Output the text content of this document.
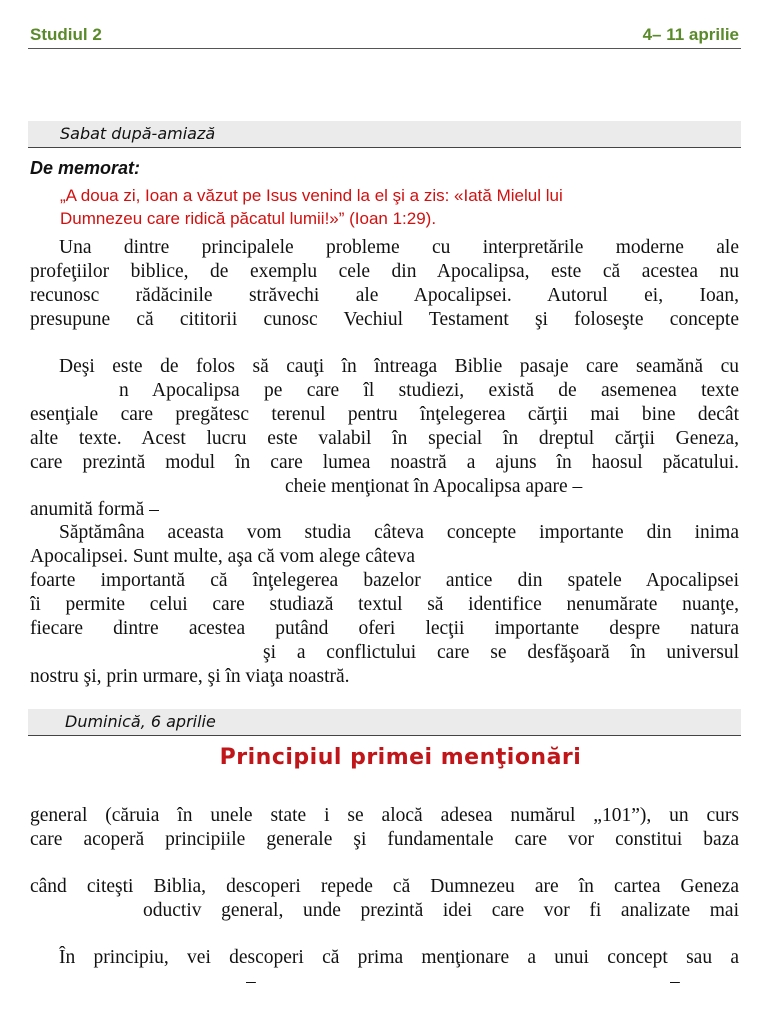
Studiul 2	4– 11 aprilie
Sabat după-amiază
De memorat:
„A doua zi, Ioan a văzut pe Isus venind la el şi a zis: «Iată Mielul lui
Dumnezeu care ridică păcatul lumii!»” (Ioan 1:29).
Una dintre principalele probleme cu interpretările moderne ale
profeţiilor biblice, de exemplu cele din Apocalipsa, este că acestea nu
recunosc rădăcinile străvechi ale Apocalipsei. Autorul ei, Ioan,
presupune că cititorii cunosc Vechiul Testament şi foloseşte concepte
Deşi este de folos să cauţi în întreaga Biblie pasaje care seamănă cu
n Apocalipsa pe care îl studiezi, există de asemenea texte
esenţiale care pregătesc terenul pentru înţelegerea cărţii mai bine decât
alte texte. Acest lucru este valabil în special în dreptul cărţii Geneza,
care prezintă modul în care lumea noastră a ajuns în haosul păcatului.
cheie menţionat în Apocalipsa apare –
anumită formă –
Săptămâna aceasta vom studia câteva concepte importante din inima
Apocalipsei. Sunt multe, aşa că vom alege câteva
foarte importantă că înţelegerea bazelor antice din spatele Apocalipsei
îi permite celui care studiază textul să identifice nenumărate nuanţe,
fiecare dintre acestea putând oferi lecţii importante despre natura
şi a conflictului care se desfăşoară în universul
nostru şi, prin urmare, şi în viaţa noastră.
Duminică, 6 aprilie
Principiul primei menţionări
general (căruia în unele state i se alocă adesea numărul „101”), un curs
care acoperă principiile generale şi fundamentale care vor constitui baza
când citeşti Biblia, descoperi repede că Dumnezeu are în cartea Geneza
oductiv general, unde prezintă idei care vor fi analizate mai
În principiu, vei descoperi că prima menţionare a unui concept sau a
–	–
